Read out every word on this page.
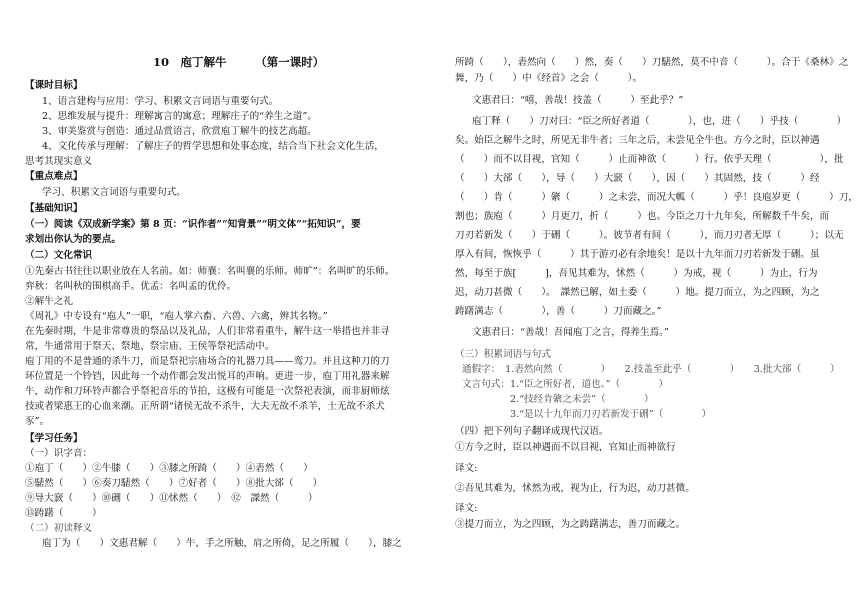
10　庖丁解牛　　　（第一课时）
【课时目标】
1、语言建构与应用：学习、积累文言词语与重要句式。
2、思维发展与提升：理解寓言的寓意；理解庄子的“养生之道”。
3、审美鉴赏与创造：通过品赏语言，欣赏庖丁解牛的技艺高超。
4、文化传承与理解：了解庄子的哲学思想和处事态度，结合当下社会文化生活，
思考其现实意义
【重点难点】
学习、积累文言词语与重要句式。
【基础知识】
（一）阅读《双成新学案》第 8 页：“识作者”“知背景”“明文体”“拓知识”，要
求划出你认为的要点。
（二）文化常识
①先秦古书往往以职业放在人名前。如：师襄：名叫襄的乐师。师旷”：名叫旷的乐师。
弈秋：名叫秋的围棋高手。优孟：名叫孟的优伶。
②解牛之礼
《周礼》中专设有“庖人”一职，“庖人掌六畜、六兽、六禽，辨其名物。”
在先秦时期，牛是非常尊贵的祭品以及礼品，人们非常看重牛，解牛这一举措也并非寻
常，牛通常用于祭天、祭地、祭宗庙、王侯等祭祀活动中。
庖丁用的不是普通的杀牛刀，而是祭祀宗庙场合的礼器刀具——鸾刀。并且这种刀的刀
环位置是一个铃铛，因此每一个动作都会发出悦耳的声响。更进一步，庖丁用礼器来解
牛，动作和刀环铃声都合乎祭祀音乐的节拍，这极有可能是一次祭祀表演，而非厨师炫
技或者梁惠王的心血来潮。正所谓“诸侯无故不杀牛，大夫无故不杀羊，士无故不杀犬
豕”。
【学习任务】
（一）识字音：
①庖丁（　　）②牛膝（　　）③膝之所踦（　　）④砉然（　　）
⑤騞然（　　）⑥奏刀騞然（　　）⑦好者（　　）⑧批大郤（　　）
⑨导大窾（　　）⑩硎（　　）⑪怵然（　　）　⑫　謋然（　　　）
⑬踌躇（　　　）
（二）初读释义
庖丁为（　　）文惠君解（　　）牛，手之所触，肩之所倚，足之所履（　　），膝之
所踦（　　），砉然向（　　）然，奏（　　）刀騞然，莫不中音（　　　）。合于《桑林》之
舞，乃（　　）中《经首》之会（　　　）。
文惠君曰：“嘻，善哉！技盖（　　　）至此乎？”
庖丁释（　　）刀对曰：“臣之所好者道（　　　　），也，进（　　）乎技（　　　　）
矣。始臣之解牛之时，所见无非牛者；三年之后，未尝见全牛也。方今之时，臣以神遇
（　　）而不以目视，官知（　　　）止而神欲（　　　）行。依乎天理（　　　　　），批
（　　）大郤（　　），导（　　）大窾（　　），因（　　）其固然，技（　　　）经
（　　）肯（　　　）綮（　　　）之未尝，而况大軱（　　　）乎！良庖岁更（　　　）刀，
割也；族庖（　　　）月更刀，折（　　　）也。今臣之刀十九年矣，所解数千牛矣，而
刀刃若新发（　　）于硎（　　　）。彼节者有间（　　　），而刀刃者无厚（　　　）；以无
厚入有间，恢恢乎（　　　）其于游刃必有余地矣！是以十九年而刀刃若新发于硎。虽
然，每至于族[　　　]，吾见其难为，怵然（　　　）为戒，视（　　　）为止，行为
迟，动刀甚微（　　）。　謋然已解，如土委（　　　）地。提刀而立，为之四顾，为之
踌躇满志（　　　　），善（　　　）刀而藏之。”
文惠君曰：“善哉！吾闻庖丁之言，得养生焉。”
（三）积累词语与句式
通假字：　1.砉然向然（　　　　）　　2.技盖至此乎（　　　　）　　3.批大郤（　　　）
文言句式：1.“臣之所好者，道也。”（　　　　）
　　　　　2.“技经肯綮之未尝”（　　　　）
　　　　　3.“是以十九年而刀刃若新发于硎”（　　　　）
（四）把下列句子翻译成现代汉语。
①方今之时，臣以神遇而不以目视，官知止而神欲行
译文:
②吾见其难为，怵然为戒，视为止，行为迟，动刀甚微。
译文:
③提刀而立，为之四顾，为之踌躇满志，善刀而藏之。
